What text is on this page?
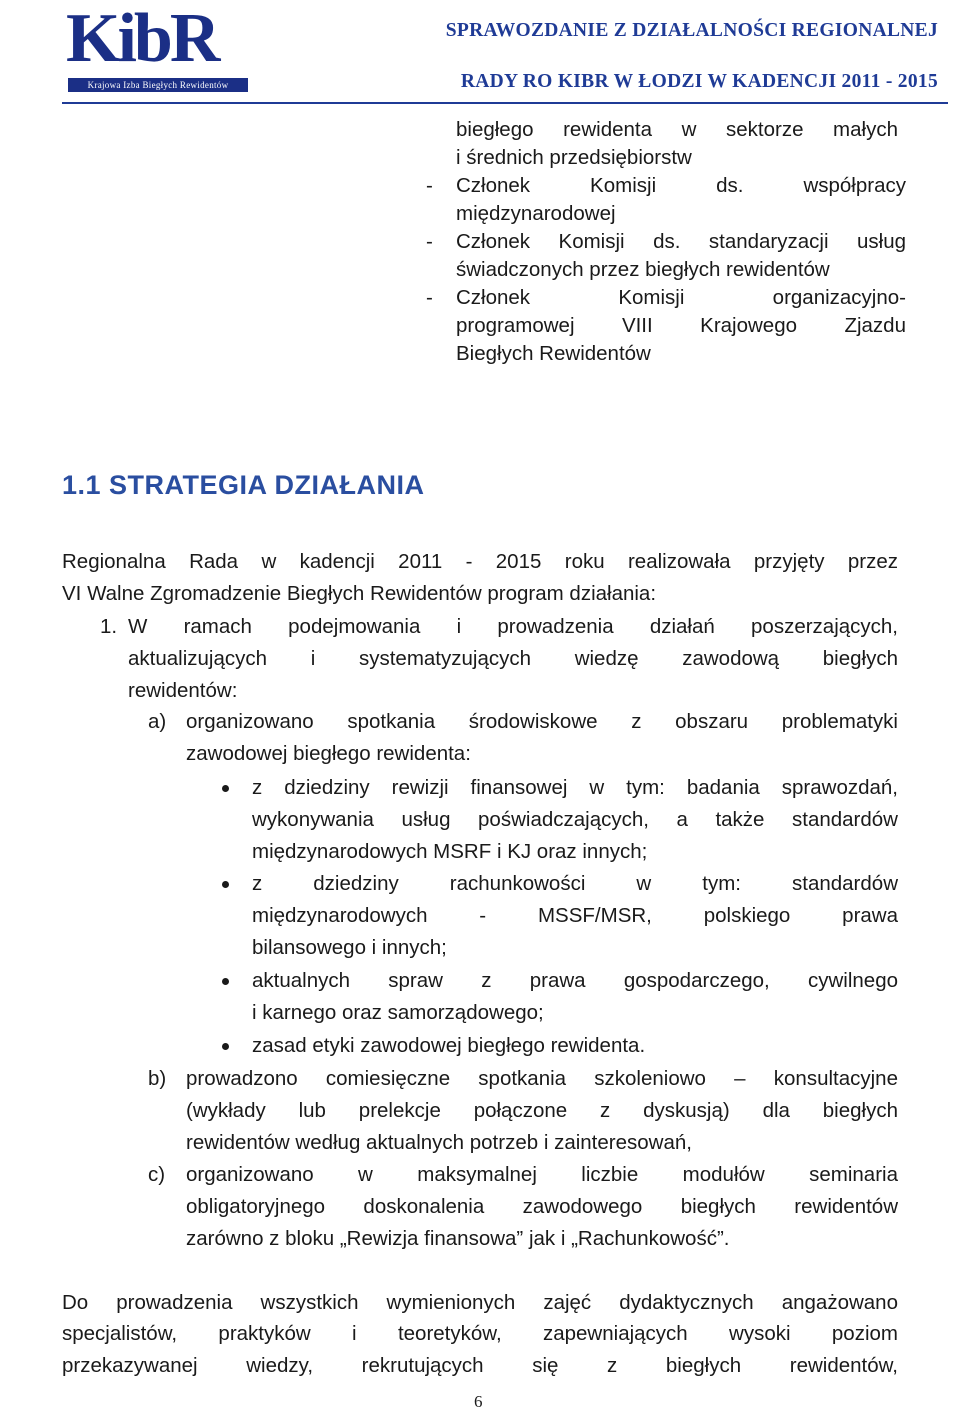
KibR
Krajowa Izba Biegłych Rewidentów
SPRAWOZDANIE Z DZIAŁALNOŚCI REGIONALNEJ
RADY RO KIBR W ŁODZI W KADENCJI 2011 - 2015
biegłego rewidenta w sektorze małych
i średnich przedsiębiorstw
- Członek Komisji ds. współpracy
międzynarodowej
- Członek Komisji ds. standaryzacji usług
świadczonych przez biegłych rewidentów
- Członek Komisji organizacyjno-
programowej VIII Krajowego Zjazdu
Biegłych Rewidentów
1.1 STRATEGIA DZIAŁANIA
Regionalna Rada w kadencji 2011 - 2015 roku realizowała przyjęty przez
VI Walne Zgromadzenie Biegłych Rewidentów program działania:
1. W ramach podejmowania i prowadzenia działań poszerzających,
aktualizujących i systematyzujących wiedzę zawodową biegłych
rewidentów:
a) organizowano spotkania środowiskowe z obszaru problematyki
zawodowej biegłego rewidenta:
z dziedziny rewizji finansowej w tym: badania sprawozdań,
wykonywania usług poświadczających, a także standardów
międzynarodowych MSRF i KJ oraz innych;
z dziedziny rachunkowości w tym: standardów
międzynarodowych - MSSF/MSR, polskiego prawa
bilansowego i innych;
aktualnych spraw z prawa gospodarczego, cywilnego
i karnego oraz samorządowego;
zasad etyki zawodowej biegłego rewidenta.
b) prowadzono comiesięczne spotkania szkoleniowo – konsultacyjne
(wykłady lub prelekcje połączone z dyskusją) dla biegłych
rewidentów według aktualnych potrzeb i zainteresowań,
c) organizowano w maksymalnej liczbie modułów seminaria
obligatoryjnego doskonalenia zawodowego biegłych rewidentów
zarówno z bloku „Rewizja finansowa” jak i „Rachunkowość”.
Do prowadzenia wszystkich wymienionych zajęć dydaktycznych angażowano
specjalistów, praktyków i teoretyków, zapewniających wysoki poziom
przekazywanej wiedzy, rekrutujących się z biegłych rewidentów,
6
